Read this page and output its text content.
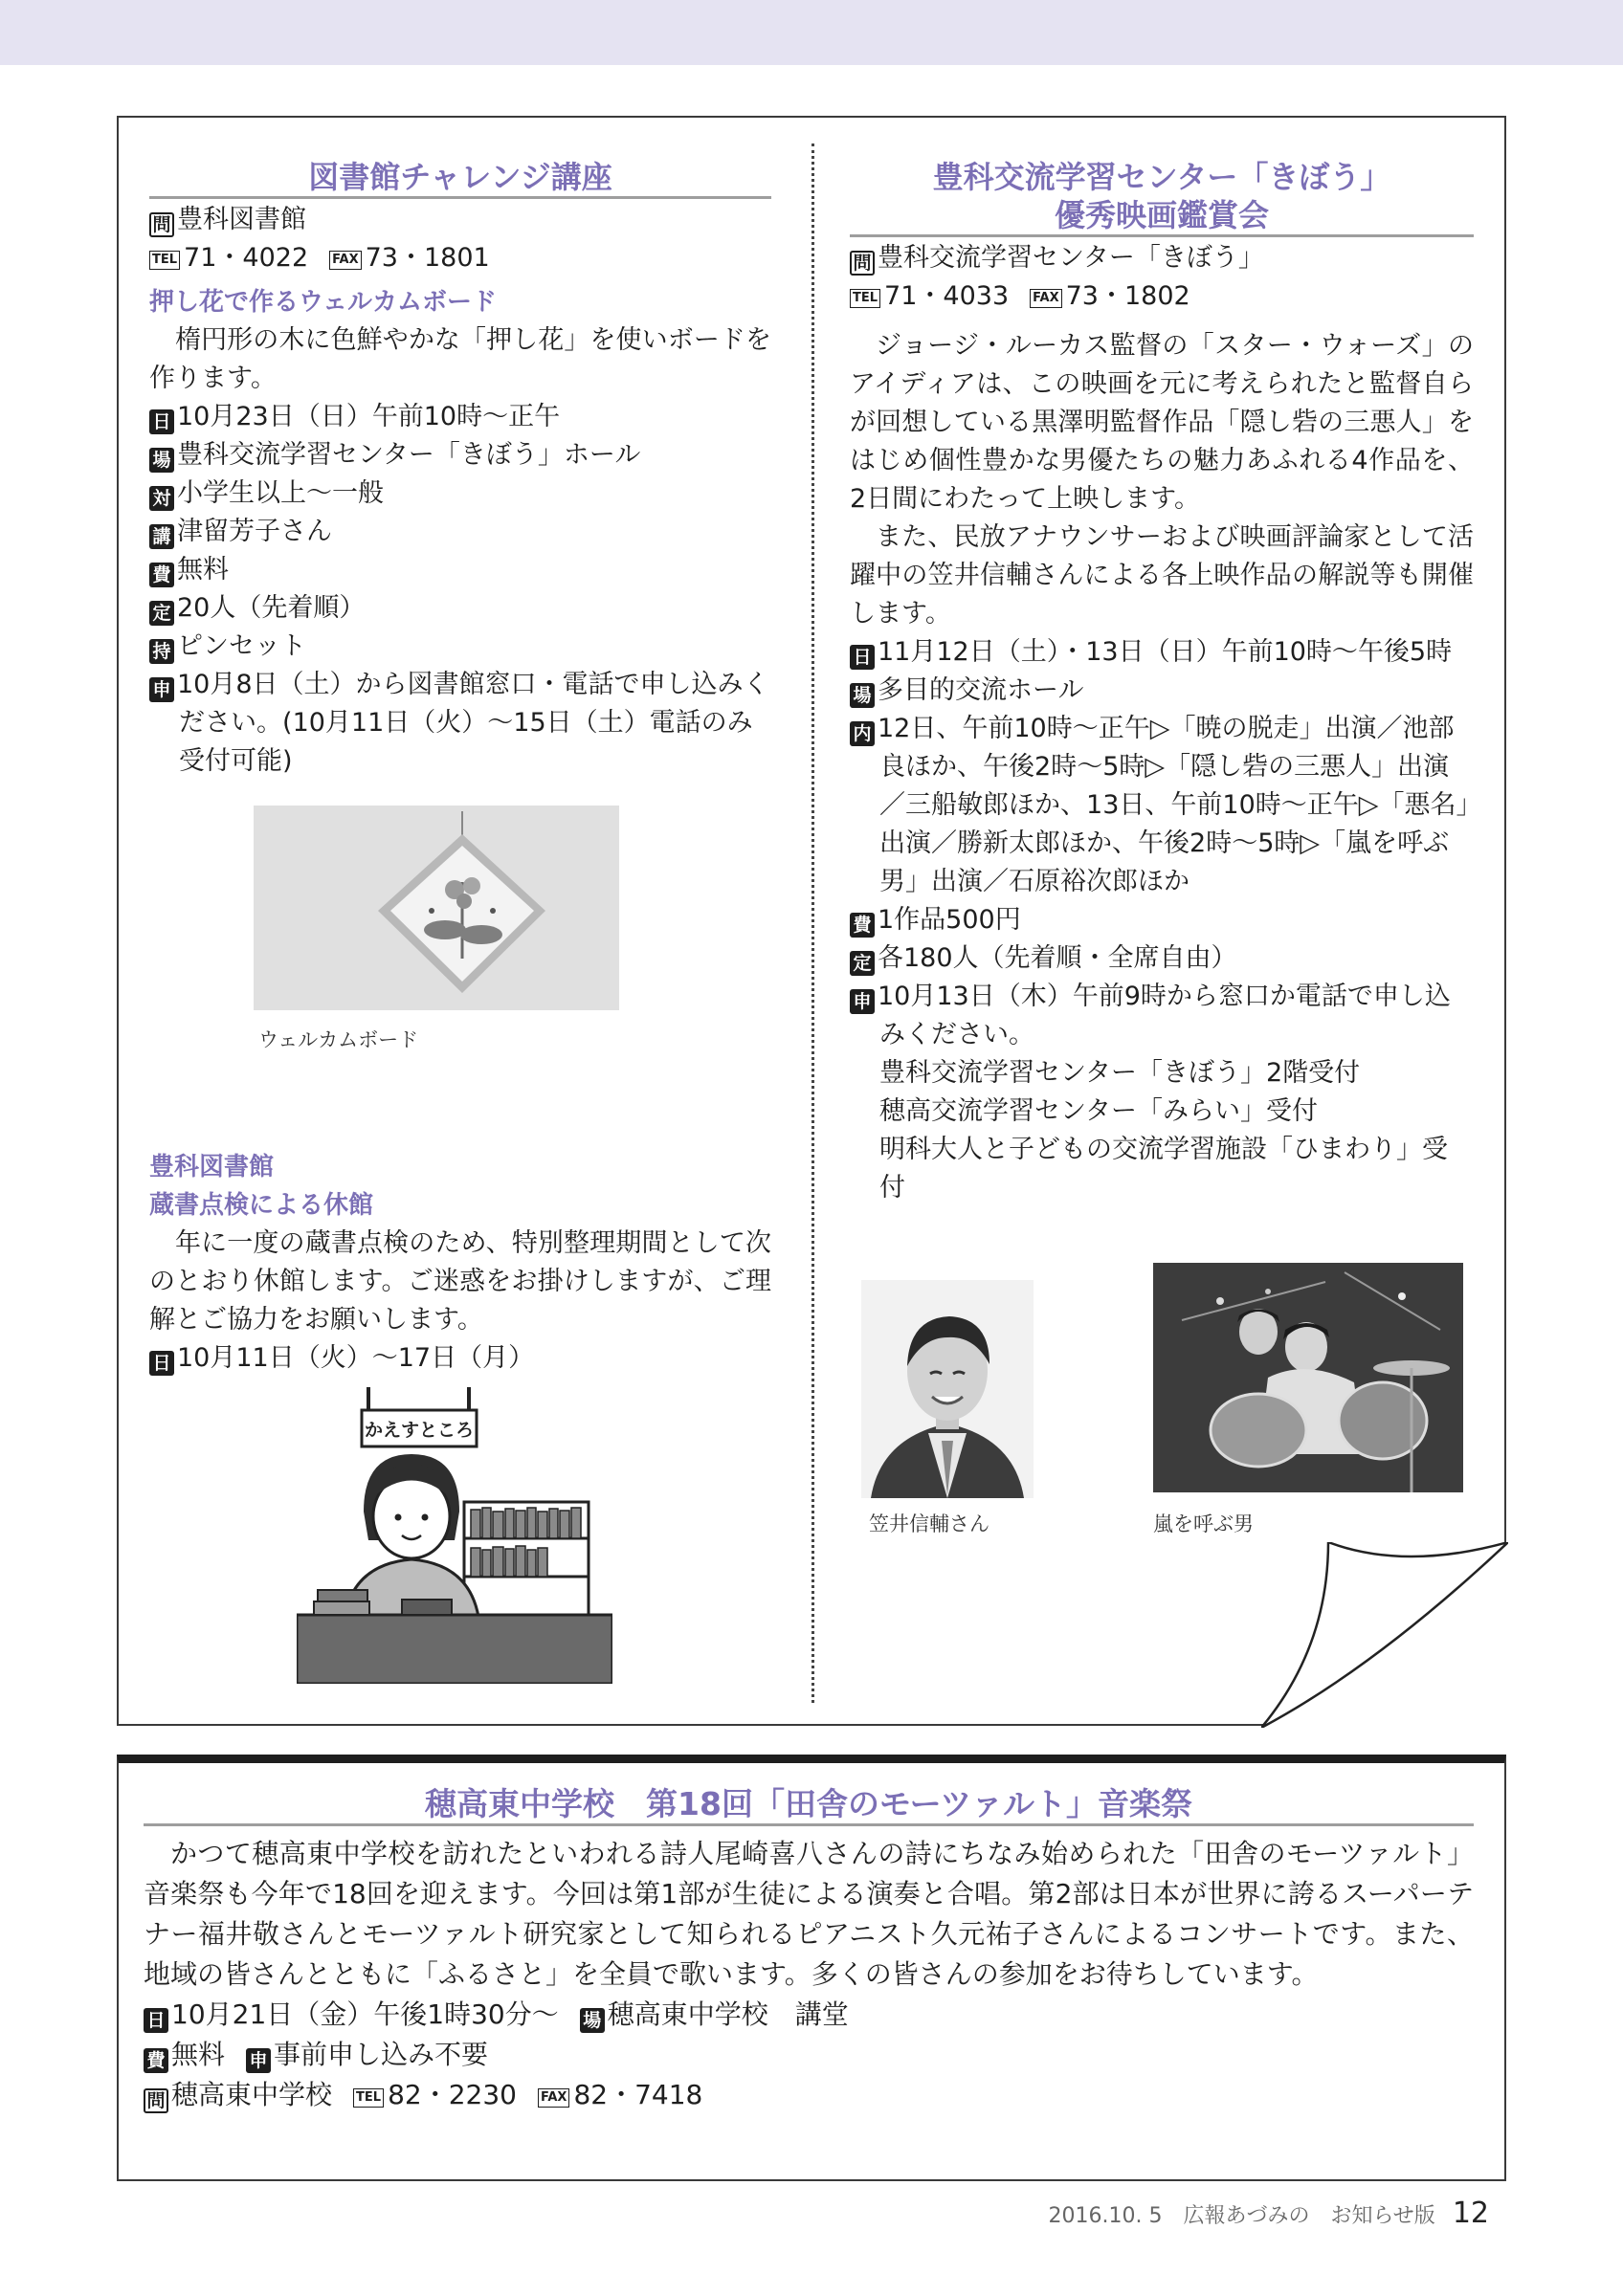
図書館チャレンジ講座
問 豊科図書館
TEL 71・4022 FAX 73・1801
押し花で作るウェルカムボード
楕円形の木に色鮮やかな「押し花」を使いボードを作ります。
日 10月23日（日）午前10時～正午
場 豊科交流学習センター「きぼう」ホール
対 小学生以上～一般
講 津留芳子さん
費 無料
定 20人（先着順）
持 ピンセット
申 10月8日（土）から図書館窓口・電話で申し込みください。(10月11日（火）～15日（土）電話のみ受付可能)
豊科図書館
蔵書点検による休館
年に一度の蔵書点検のため、特別整理期間として次のとおり休館します。ご迷惑をお掛けしますが、ご理解とご協力をお願いします。
日 10月11日（火）～17日（月）
ウェルカムボード
かえすところ
豊科交流学習センター「きぼう」
優秀映画鑑賞会
問 豊科交流学習センター「きぼう」
TEL 71・4033 FAX 73・1802
ジョージ・ルーカス監督の「スター・ウォーズ」のアイディアは、この映画を元に考えられたと監督自らが回想している黒澤明監督作品「隠し砦の三悪人」をはじめ個性豊かな男優たちの魅力あふれる4作品を、2日間にわたって上映します。
また、民放アナウンサーおよび映画評論家として活躍中の笠井信輔さんによる各上映作品の解説等も開催します。
日 11月12日（土）・13日（日）午前10時～午後5時
場 多目的交流ホール
内 12日、午前10時～正午▷「暁の脱走」出演／池部良ほか、午後2時～5時▷「隠し砦の三悪人」出演／三船敏郎ほか、13日、午前10時～正午▷「悪名」出演／勝新太郎ほか、午後2時～5時▷「嵐を呼ぶ男」出演／石原裕次郎ほか
費 1作品500円
定 各180人（先着順・全席自由）
申 10月13日（木）午前9時から窓口か電話で申し込みください。
豊科交流学習センター「きぼう」2階受付
穂高交流学習センター「みらい」受付
明科大人と子どもの交流学習施設「ひまわり」受付
笠井信輔さん	嵐を呼ぶ男
穂高東中学校　第18回「田舎のモーツァルト」音楽祭
かつて穂高東中学校を訪れたといわれる詩人尾崎喜八さんの詩にちなみ始められた「田舎のモーツァルト」音楽祭も今年で18回を迎えます。今回は第1部が生徒による演奏と合唱。第2部は日本が世界に誇るスーパーテナー福井敬さんとモーツァルト研究家として知られるピアニスト久元祐子さんによるコンサートです。また、地域の皆さんとともに「ふるさと」を全員で歌います。多くの皆さんの参加をお待ちしています。
日 10月21日（金）午後1時30分～ 場 穂高東中学校　講堂
費 無料 申 事前申し込み不要
問 穂高東中学校 TEL 82・2230 FAX 82・7418
2016.10. 5 広報あづみの　お知らせ版 12
